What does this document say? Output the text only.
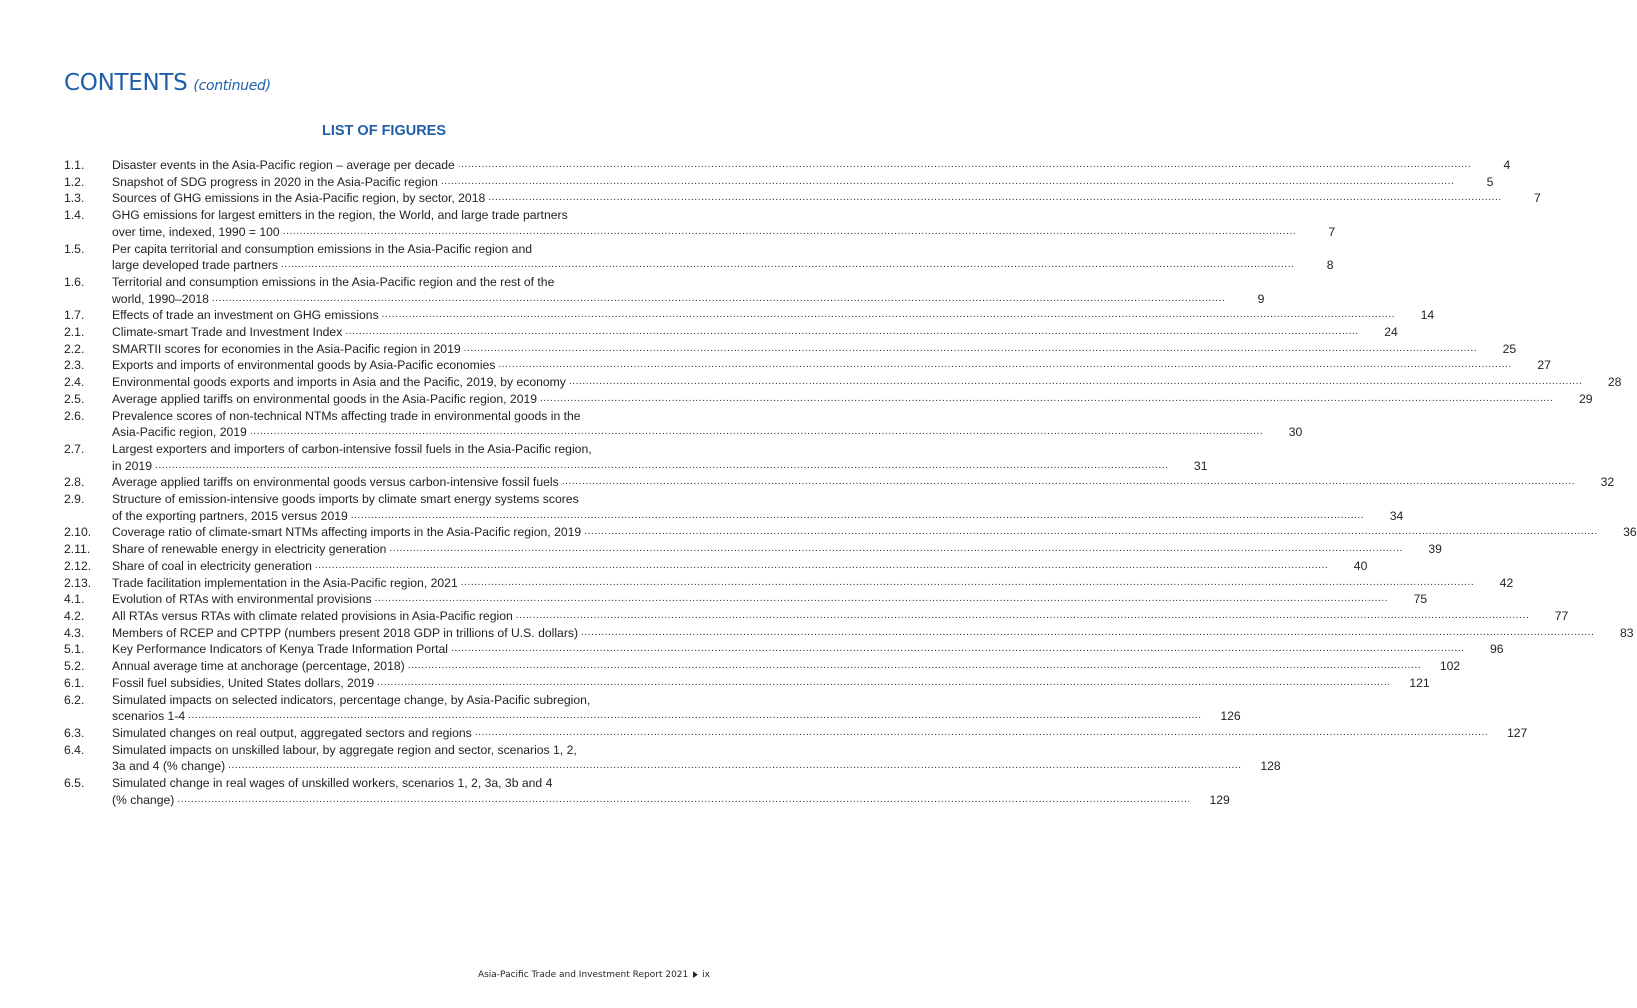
CONTENTS (continued)
LIST OF FIGURES
1.1.	Disaster events in the Asia-Pacific region – average per decade ............................................................................................................................................................................................................................................................................................................	4
1.2.	Snapshot of SDG progress in 2020 in the Asia-Pacific region ............................................................................................................................................................................................................................................................................................................	5
1.3.	Sources of GHG emissions in the Asia-Pacific region, by sector, 2018 ............................................................................................................................................................................................................................................................................................................	7
1.4.	GHG emissions for largest emitters in the region, the World, and large trade partners
over time, indexed, 1990 = 100 ............................................................................................................................................................................................................................................................................................................	7
1.5.	Per capita territorial and consumption emissions in the Asia-Pacific region and
large developed trade partners ............................................................................................................................................................................................................................................................................................................	8
1.6.	Territorial and consumption emissions in the Asia-Pacific region and the rest of the
world, 1990–2018 ............................................................................................................................................................................................................................................................................................................	9
1.7.	Effects of trade an investment on GHG emissions ............................................................................................................................................................................................................................................................................................................	14
2.1.	Climate-smart Trade and Investment Index ............................................................................................................................................................................................................................................................................................................	24
2.2.	SMARTII scores for economies in the Asia-Pacific region in 2019 ............................................................................................................................................................................................................................................................................................................	25
2.3.	Exports and imports of environmental goods by Asia-Pacific economies ............................................................................................................................................................................................................................................................................................................	27
2.4.	Environmental goods exports and imports in Asia and the Pacific, 2019, by economy ............................................................................................................................................................................................................................................................................................................	28
2.5.	Average applied tariffs on environmental goods in the Asia-Pacific region, 2019 ............................................................................................................................................................................................................................................................................................................	29
2.6.	Prevalence scores of non-technical NTMs affecting trade in environmental goods in the
Asia-Pacific region, 2019 ............................................................................................................................................................................................................................................................................................................	30
2.7.	Largest exporters and importers of carbon-intensive fossil fuels in the Asia-Pacific region,
in 2019 ............................................................................................................................................................................................................................................................................................................	31
2.8.	Average applied tariffs on environmental goods versus carbon-intensive fossil fuels ............................................................................................................................................................................................................................................................................................................	32
2.9.	Structure of emission-intensive goods imports by climate smart energy systems scores
of the exporting partners, 2015 versus 2019 ............................................................................................................................................................................................................................................................................................................	34
2.10.	Coverage ratio of climate-smart NTMs affecting imports in the Asia-Pacific region, 2019 ............................................................................................................................................................................................................................................................................................................	36
2.11.	Share of renewable energy in electricity generation ............................................................................................................................................................................................................................................................................................................	39
2.12.	Share of coal in electricity generation ............................................................................................................................................................................................................................................................................................................	40
2.13.	Trade facilitation implementation in the Asia-Pacific region, 2021 ............................................................................................................................................................................................................................................................................................................	42
4.1.	Evolution of RTAs with environmental provisions ............................................................................................................................................................................................................................................................................................................	75
4.2.	All RTAs versus RTAs with climate related provisions in Asia-Pacific region ............................................................................................................................................................................................................................................................................................................	77
4.3.	Members of RCEP and CPTPP (numbers present 2018 GDP in trillions of U.S. dollars) ............................................................................................................................................................................................................................................................................................................	83
5.1.	Key Performance Indicators of Kenya Trade Information Portal ............................................................................................................................................................................................................................................................................................................	96
5.2.	Annual average time at anchorage (percentage, 2018) ............................................................................................................................................................................................................................................................................................................	102
6.1.	Fossil fuel subsidies, United States dollars, 2019 ............................................................................................................................................................................................................................................................................................................	121
6.2.	Simulated impacts on selected indicators, percentage change, by Asia-Pacific subregion,
scenarios 1-4 ............................................................................................................................................................................................................................................................................................................	126
6.3.	Simulated changes on real output, aggregated sectors and regions ............................................................................................................................................................................................................................................................................................................	127
6.4.	Simulated impacts on unskilled labour, by aggregate region and sector, scenarios 1, 2,
3a and 4 (% change) ............................................................................................................................................................................................................................................................................................................	128
6.5.	Simulated change in real wages of unskilled workers, scenarios 1, 2, 3a, 3b and 4
(% change) ............................................................................................................................................................................................................................................................................................................	129
Asia-Pacific Trade and Investment Report 2021 ▶ ix
